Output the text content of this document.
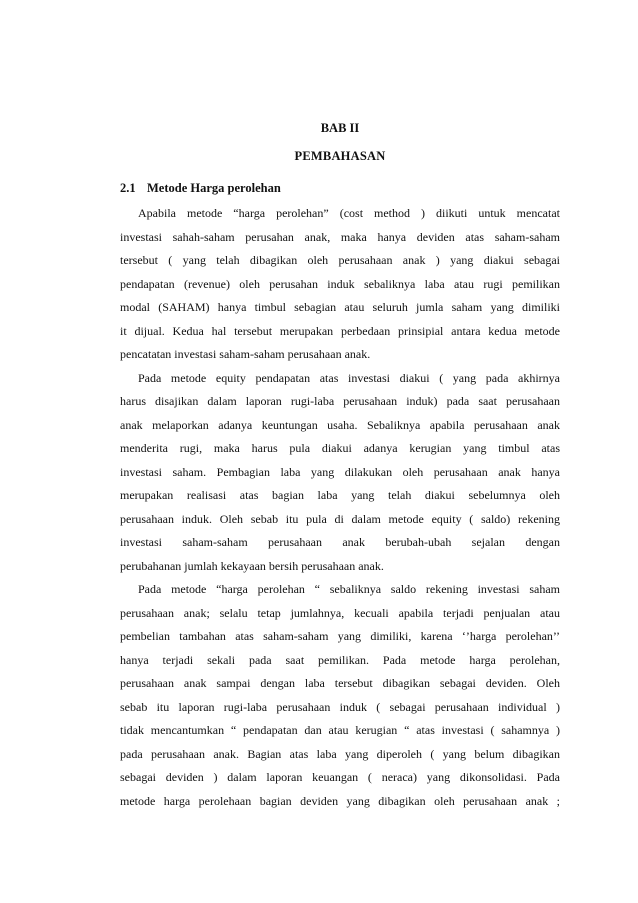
BAB II
PEMBAHASAN
2.1 Metode Harga perolehan
Apabila metode “harga perolehan” (cost method ) diikuti untuk mencatat
investasi sahah-saham perusahan anak, maka hanya deviden atas saham-saham
tersebut ( yang telah dibagikan oleh perusahaan anak ) yang diakui sebagai
pendapatan (revenue) oleh perusahan induk sebaliknya laba atau rugi pemilikan
modal (SAHAM) hanya timbul sebagian atau seluruh jumla saham yang dimiliki
it dijual. Kedua hal tersebut merupakan perbedaan prinsipial antara kedua metode
pencatatan investasi saham-saham perusahaan anak.
Pada metode equity pendapatan atas investasi diakui ( yang pada akhirnya
harus disajikan dalam laporan rugi-laba perusahaan induk) pada saat perusahaan
anak melaporkan adanya keuntungan usaha. Sebaliknya apabila perusahaan anak
menderita rugi, maka harus pula diakui adanya kerugian yang timbul atas
investasi saham. Pembagian laba yang dilakukan oleh perusahaan anak hanya
merupakan realisasi atas bagian laba yang telah diakui sebelumnya oleh
perusahaan induk. Oleh sebab itu pula di dalam metode equity ( saldo) rekening
investasi saham-saham perusahaan anak berubah-ubah sejalan dengan
perubahanan jumlah kekayaan bersih perusahaan anak.
Pada metode “harga perolehan “ sebaliknya saldo rekening investasi saham
perusahaan anak; selalu tetap jumlahnya, kecuali apabila terjadi penjualan atau
pembelian tambahan atas saham-saham yang dimiliki, karena ‘’harga perolehan’’
hanya terjadi sekali pada saat pemilikan. Pada metode harga perolehan,
perusahaan anak sampai dengan laba tersebut dibagikan sebagai deviden. Oleh
sebab itu laporan rugi-laba perusahaan induk ( sebagai perusahaan individual )
tidak mencantumkan “ pendapatan dan atau kerugian “ atas investasi ( sahamnya )
pada perusahaan anak. Bagian atas laba yang diperoleh ( yang belum dibagikan
sebagai deviden ) dalam laporan keuangan ( neraca) yang dikonsolidasi. Pada
metode harga perolehaan bagian deviden yang dibagikan oleh perusahaan anak ;
